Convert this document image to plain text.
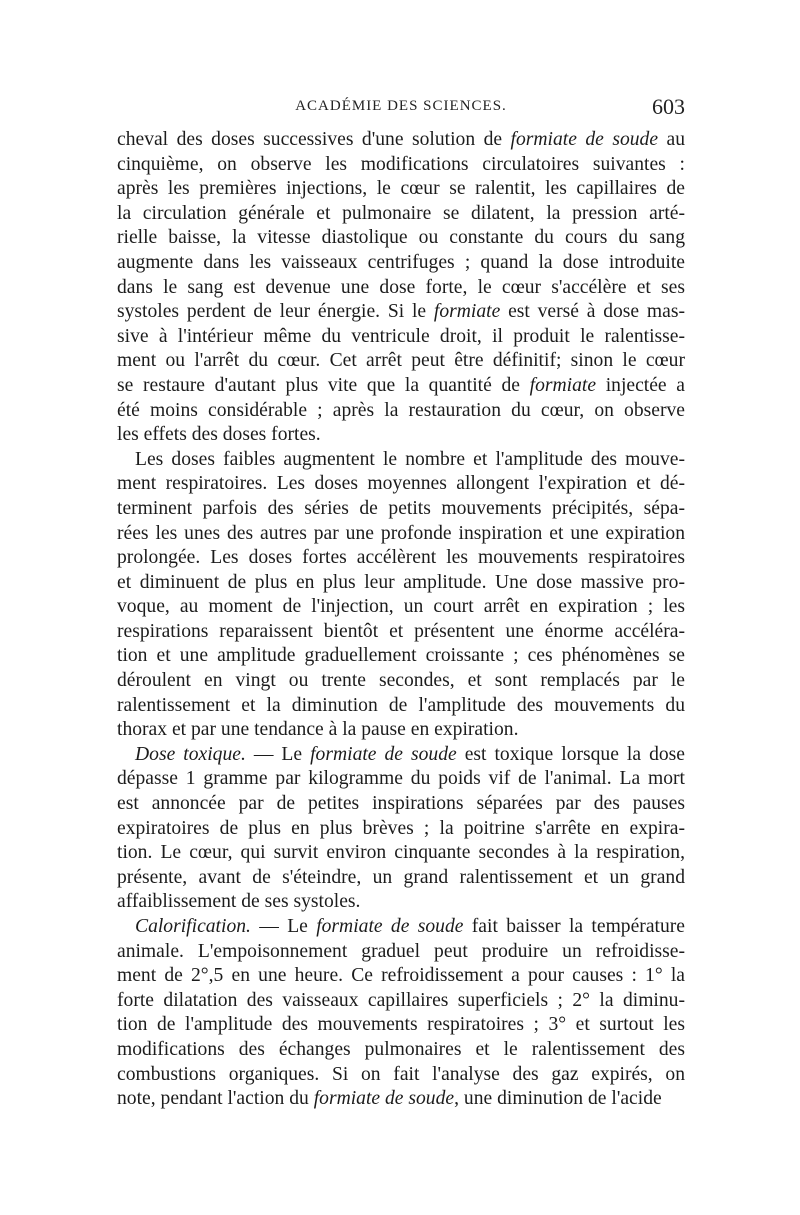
ACADÉMIE DES SCIENCES.	603

cheval des doses successives d'une solution de formiate de soude au
cinquième, on observe les modifications circulatoires suivantes :
après les premières injections, le cœur se ralentit, les capillaires de
la circulation générale et pulmonaire se dilatent, la pression arté-
rielle baisse, la vitesse diastolique ou constante du cours du sang
augmente dans les vaisseaux centrifuges ; quand la dose introduite
dans le sang est devenue une dose forte, le cœur s'accélère et ses
systoles perdent de leur énergie. Si le formiate est versé à dose mas-
sive à l'intérieur même du ventricule droit, il produit le ralentisse-
ment ou l'arrêt du cœur. Cet arrêt peut être définitif; sinon le cœur
se restaure d'autant plus vite que la quantité de formiate injectée a
été moins considérable ; après la restauration du cœur, on observe
les effets des doses fortes.

Les doses faibles augmentent le nombre et l'amplitude des mouve-
ment respiratoires. Les doses moyennes allongent l'expiration et dé-
terminent parfois des séries de petits mouvements précipités, sépa-
rées les unes des autres par une profonde inspiration et une expiration
prolongée. Les doses fortes accélèrent les mouvements respiratoires
et diminuent de plus en plus leur amplitude. Une dose massive pro-
voque, au moment de l'injection, un court arrêt en expiration ; les
respirations reparaissent bientôt et présentent une énorme accéléra-
tion et une amplitude graduellement croissante ; ces phénomènes se
déroulent en vingt ou trente secondes, et sont remplacés par le
ralentissement et la diminution de l'amplitude des mouvements du
thorax et par une tendance à la pause en expiration.

Dose toxique. — Le formiate de soude est toxique lorsque la dose
dépasse 1 gramme par kilogramme du poids vif de l'animal. La mort
est annoncée par de petites inspirations séparées par des pauses
expiratoires de plus en plus brèves ; la poitrine s'arrête en expira-
tion. Le cœur, qui survit environ cinquante secondes à la respiration,
présente, avant de s'éteindre, un grand ralentissement et un grand
affaiblissement de ses systoles.

Calorification. — Le formiate de soude fait baisser la température
animale. L'empoisonnement graduel peut produire un refroidisse-
ment de 2°,5 en une heure. Ce refroidissement a pour causes : 1° la
forte dilatation des vaisseaux capillaires superficiels ; 2° la diminu-
tion de l'amplitude des mouvements respiratoires ; 3° et surtout les
modifications des échanges pulmonaires et le ralentissement des
combustions organiques. Si on fait l'analyse des gaz expirés, on
note, pendant l'action du formiate de soude, une diminution de l'acide
